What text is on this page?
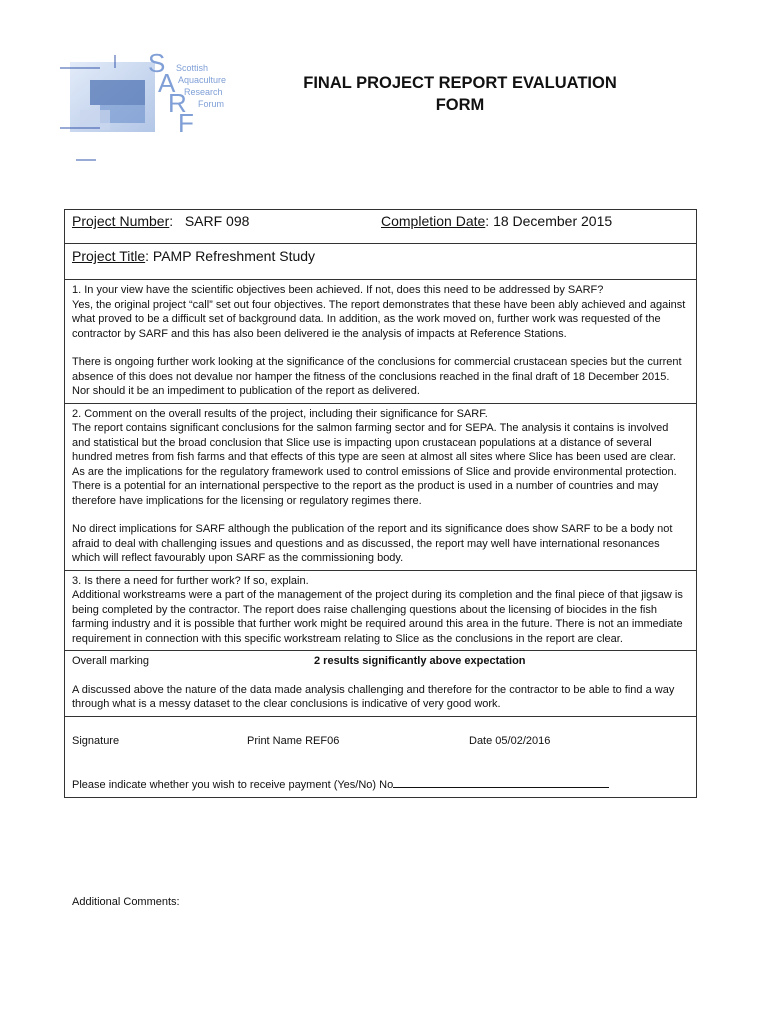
S
A
R
F
Scottish
Aquaculture
Research
Forum
FINAL PROJECT REPORT EVALUATION
FORM
Project Number:   SARF 098	Completion Date: 18 December 2015
Project Title: PAMP Refreshment Study

1. In your view have the scientific objectives been achieved. If not, does this need to be addressed by SARF?

Yes, the original project “call” set out four objectives. The report demonstrates that these have been ably achieved and against what proved to be a difficult set of background data. In addition, as the work moved on, further work was requested of the contractor by SARF and this has also been delivered ie the analysis of impacts at Reference Stations.

There is ongoing further work looking at the significance of the conclusions for commercial crustacean species but the current absence of this does not devalue nor hamper the fitness of the conclusions reached in the final draft of 18 December 2015. Nor should it be an impediment to publication of the report as delivered.

2. Comment on the overall results of the project, including their significance for SARF.

The report contains significant conclusions for the salmon farming sector and for SEPA. The analysis it contains is involved and statistical but the broad conclusion that Slice use is impacting upon crustacean populations at a distance of several hundred metres from fish farms and that effects of this type are seen at almost all sites where Slice has been used are clear. As are the implications for the regulatory framework used to control emissions of Slice and provide environmental protection. There is a potential for an international perspective to the report as the product is used in a number of countries and may therefore have implications for the licensing or regulatory regimes there.

No direct implications for SARF although the publication of the report and its significance does show SARF to be a body not afraid to deal with challenging issues and questions and as discussed, the report may well have international resonances which will reflect favourably upon SARF as the commissioning body.

3. Is there a need for further work? If so, explain.

Additional workstreams were a part of the management of the project during its completion and the final piece of that jigsaw is being completed by the contractor. The report does raise challenging questions about the licensing of biocides in the fish farming industry and it is possible that further work might be required around this area in the future. There is not an immediate requirement in connection with this specific workstream relating to Slice as the conclusions in the report are clear.

Overall marking	2 results significantly above expectation

A discussed above the nature of the data made analysis challenging and therefore for the contractor to be able to find a way through what is a messy dataset to the clear conclusions is indicative of very good work.

Signature	Print Name REF06	Date 05/02/2016
Please indicate whether you wish to receive payment (Yes/No) No
Additional Comments:
